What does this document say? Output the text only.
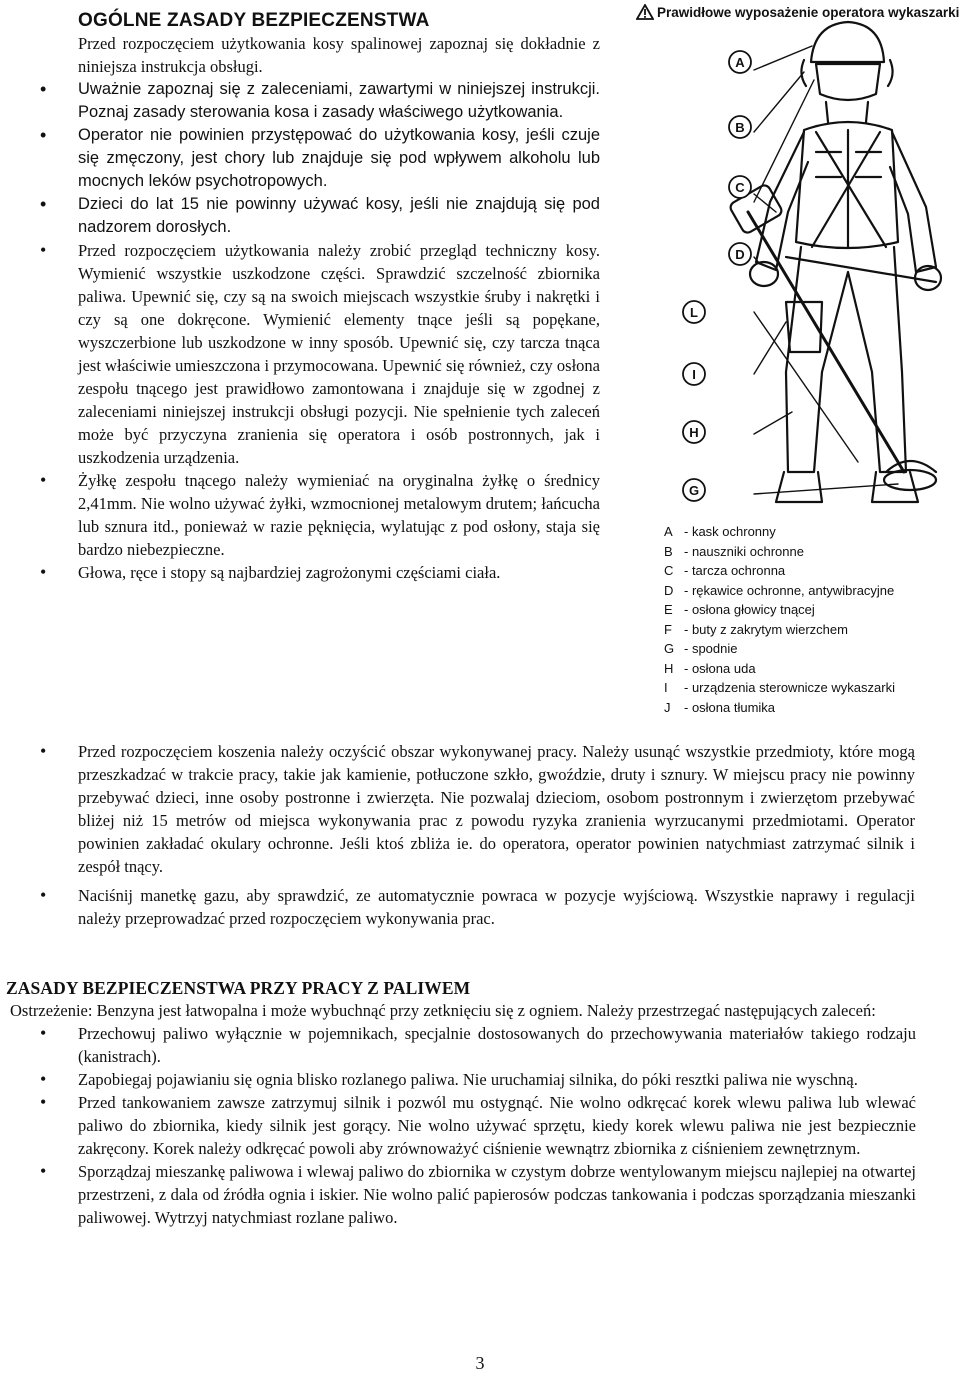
OGÓLNE ZASADY BEZPIECZENSTWA

Przed rozpoczęciem użytkowania kosy spalinowej zapoznaj się dokładnie z niniejsza instrukcja obsługi.

• Uważnie zapoznaj się z zaleceniami, zawartymi w niniejszej instrukcji. Poznaj zasady sterowania kosa i zasady właściwego użytkowania.
• Operator nie powinien przystępować do użytkowania kosy, jeśli czuje się zmęczony, jest chory lub znajduje się pod wpływem alkoholu lub mocnych leków psychotropowych.
• Dzieci do lat 15 nie powinny używać kosy, jeśli nie znajdują się pod nadzorem dorosłych.
• Przed rozpoczęciem użytkowania należy zrobić przegląd techniczny kosy. Wymienić wszystkie uszkodzone części. Sprawdzić szczelność zbiornika paliwa. Upewnić się, czy są na swoich miejscach wszystkie śruby i nakrętki i czy są one dokręcone. Wymienić elementy tnące jeśli są popękane, wyszczerbione lub uszkodzone w inny sposób. Upewnić się, czy tarcza tnąca jest właściwie umieszczona i przymocowana. Upewnić się również, czy osłona zespołu tnącego jest prawidłowo zamontowana i znajduje się w zgodnej z zaleceniami niniejszej instrukcji obsługi pozycji. Nie spełnienie tych zaleceń może być przyczyna zranienia się operatora i osób postronnych, jak i uszkodzenia urządzenia.
• Żyłkę zespołu tnącego należy wymieniać na oryginalna żyłkę o średnicy 2,41mm. Nie wolno używać żyłki, wzmocnionej metalowym drutem; łańcucha lub sznura itd., ponieważ w razie pęknięcia, wylatując z pod osłony, staja się bardzo niebezpieczne.
• Głowa, ręce i stopy są najbardziej zagrożonymi częściami ciała.
• Przed rozpoczęciem koszenia należy oczyścić obszar wykonywanej pracy. Należy usunąć wszystkie przedmioty, które mogą przeszkadzać w trakcie pracy, takie jak kamienie, potłuczone szkło, gwoździe, druty i sznury. W miejscu pracy nie powinny przebywać dzieci, inne osoby postronne i zwierzęta. Nie pozwalaj dzieciom, osobom postronnym i zwierzętom przebywać bliżej niż 15 metrów od miejsca wykonywania prac z powodu ryzyka zranienia wyrzucanymi przedmiotami. Operator powinien zakładać okulary ochronne. Jeśli ktoś zbliża ie. do operatora, operator powinien natychmiast zatrzymać silnik i zespół tnący.
• Naciśnij manetkę gazu, aby sprawdzić, ze automatycznie powraca w pozycje wyjściową. Wszystkie naprawy i regulacji należy przeprowadzać przed rozpoczęciem wykonywania prac.
Prawidłowe wyposażenie operatora wykaszarki
A
B
C
D
L
I
H
G
A - kask ochronny
B - nauszniki ochronne
C - tarcza ochronna
D - rękawice ochronne, antywibracyjne
E - osłona głowicy tnącej
F - buty z zakrytym wierzchem
G - spodnie
H - osłona uda
I - urządzenia sterownicze wykaszarki
J - osłona tłumika
ZASADY BEZPIECZENSTWA PRZY PRACY Z PALIWEM

Ostrzeżenie: Benzyna jest łatwopalna i może wybuchnąć przy zetknięciu się z ogniem. Należy przestrzegać następujących zaleceń:

• Przechowuj paliwo wyłącznie w pojemnikach, specjalnie dostosowanych do przechowywania materiałów takiego rodzaju (kanistrach).
• Zapobiegaj pojawianiu się ognia blisko rozlanego paliwa. Nie uruchamiaj silnika, do póki resztki paliwa nie wyschną.
• Przed tankowaniem zawsze zatrzymuj silnik i pozwól mu ostygnąć. Nie wolno odkręcać korek wlewu paliwa lub wlewać paliwo do zbiornika, kiedy silnik jest gorący. Nie wolno używać sprzętu, kiedy korek wlewu paliwa nie jest bezpiecznie zakręcony. Korek należy odkręcać powoli aby zrównoważyć ciśnienie wewnątrz zbiornika z ciśnieniem zewnętrznym.
• Sporządzaj mieszankę paliwowa i wlewaj paliwo do zbiornika w czystym dobrze wentylowanym miejscu najlepiej na otwartej przestrzeni, z dala od źródła ognia i iskier. Nie wolno palić papierosów podczas tankowania i podczas sporządzania mieszanki paliwowej. Wytrzyj natychmiast rozlane paliwo.
3
